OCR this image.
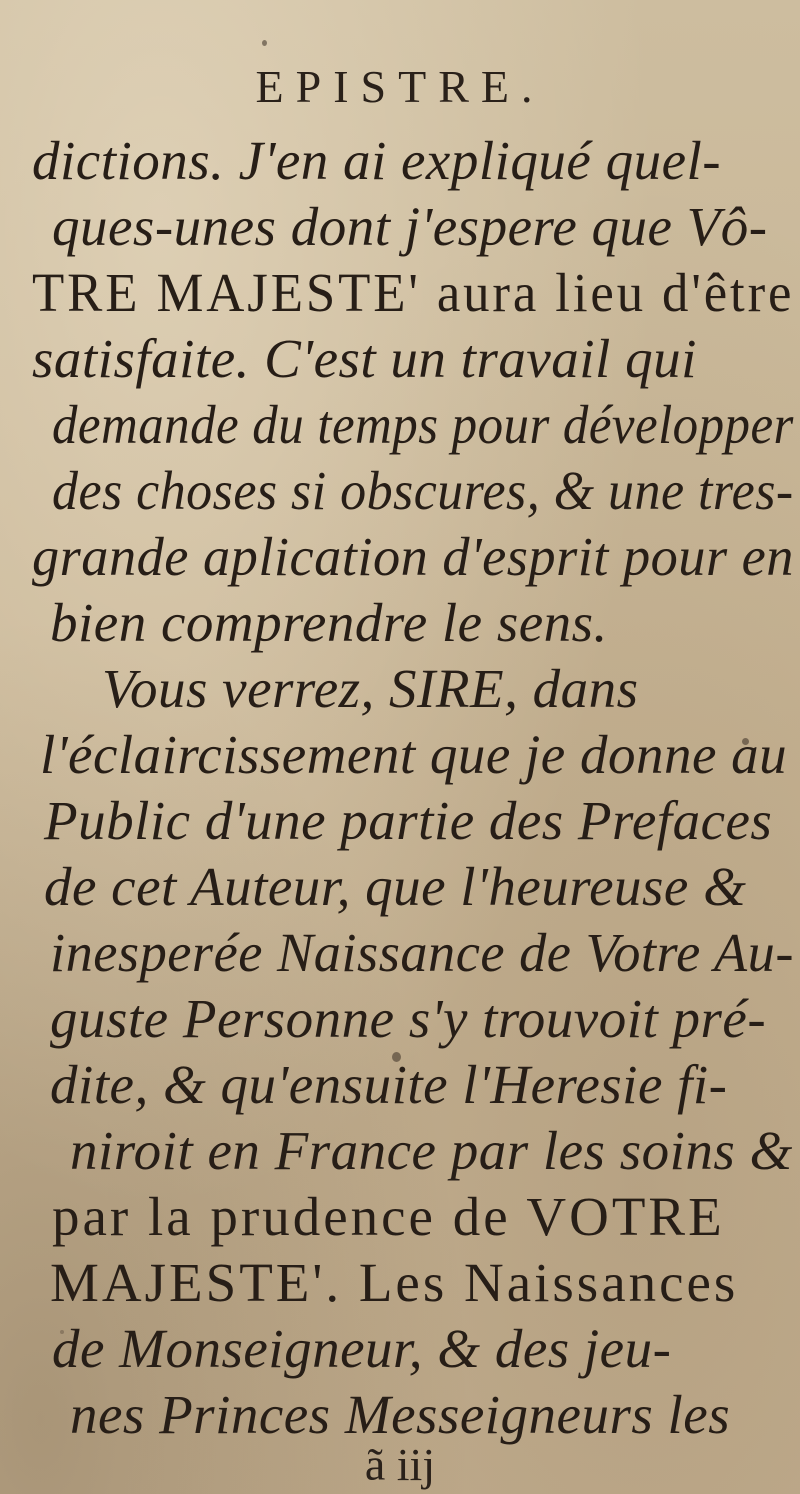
EPISTRE.
dictions. J'en ai expliqué quel-
ques-unes dont j'espere que Vô-
TRE MAJESTE' aura lieu d'être
satisfaite. C'est un travail qui
demande du temps pour développer
des choses si obscures, & une tres-
grande aplication d'esprit pour en
bien comprendre le sens.
Vous verrez, SIRE, dans
l'éclaircissement que je donne au
Public d'une partie des Prefaces
de cet Auteur, que l'heureuse &
inesperée Naissance de Votre Au-
guste Personne s'y trouvoit pré-
dite, & qu'ensuite l'Heresie fi-
niroit en France par les soins &
par la prudence de VOTRE
MAJESTE'. Les Naissances
de Monseigneur, & des jeu-
nes Princes Messeigneurs les
ã iij
